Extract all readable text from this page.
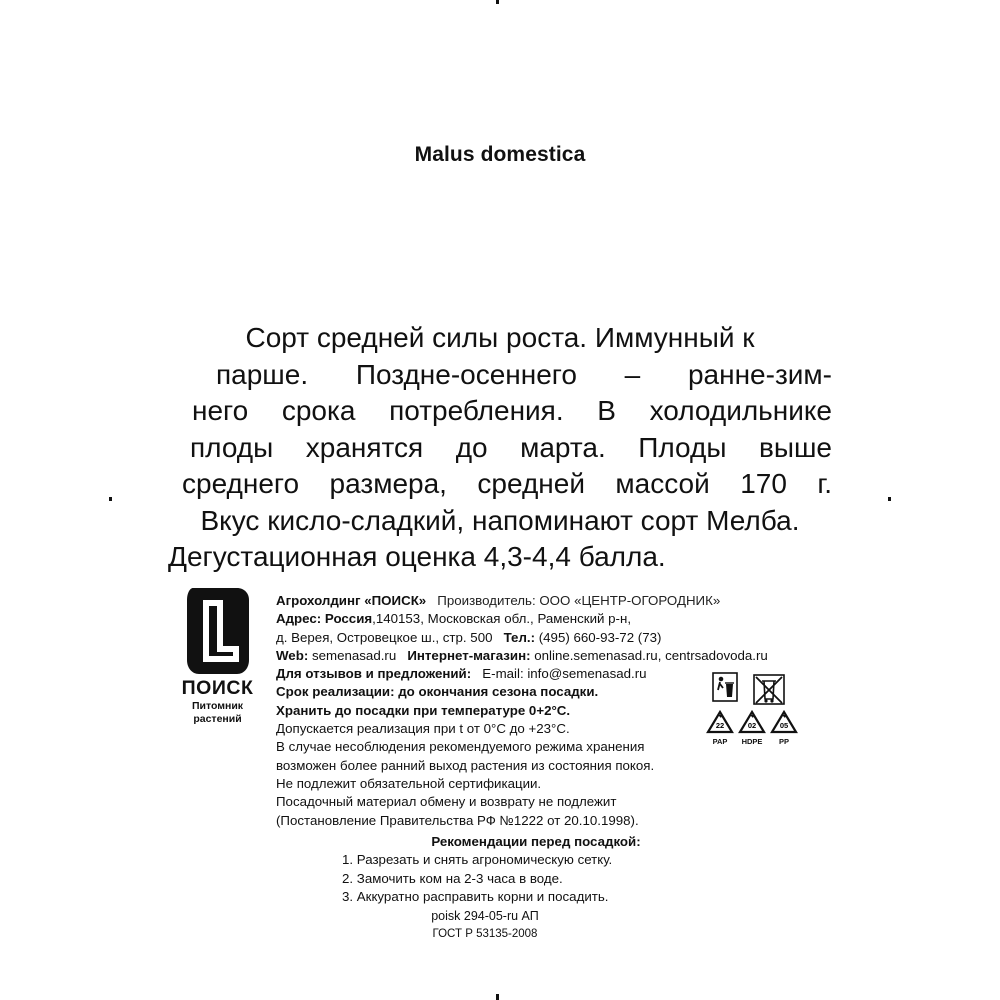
Malus domestica
Сорт средней силы роста. Иммунный к
парше. Поздне-осеннего – ранне-зим-
него срока потребления. В холодильнике
плоды хранятся до марта. Плоды выше
среднего размера, средней массой 170 г.
Вкус кисло-сладкий, напоминают сорт Мелба.
Дегустационная оценка 4,3-4,4 балла.
ПОИСК
Питомник
растений
Агрохолдинг «ПОИСК» Производитель: ООО «ЦЕНТР-ОГОРОДНИК»
Адрес: Россия,140153, Московская обл., Раменский р-н,
д. Верея, Островецкое ш., стр. 500 Тел.: (495) 660-93-72 (73)
Web: semenasad.ru Интернет-магазин: online.semenasad.ru, centrsadovoda.ru
Для отзывов и предложений: E-mail: info@semenasad.ru
Срок реализации: до окончания сезона посадки.
Хранить до посадки при температуре 0+2°С.
Допускается реализация при t от 0°С до +23°С.
В случае несоблюдения рекомендуемого режима хранения
возможен более ранний выход растения из состояния покоя.
Не подлежит обязательной сертификации.
Посадочный материал обмену и возврату не подлежит
(Постановление Правительства РФ №1222 от 20.10.1998).
22
PAP
02
HDPE
05
PP
Рекомендации перед посадкой:
1. Разрезать и снять агрономическую сетку.
2. Замочить ком на 2-3 часа в воде.
3. Аккуратно расправить корни и посадить.
poisk 294-05-ru АП
ГОСТ Р 53135-2008
